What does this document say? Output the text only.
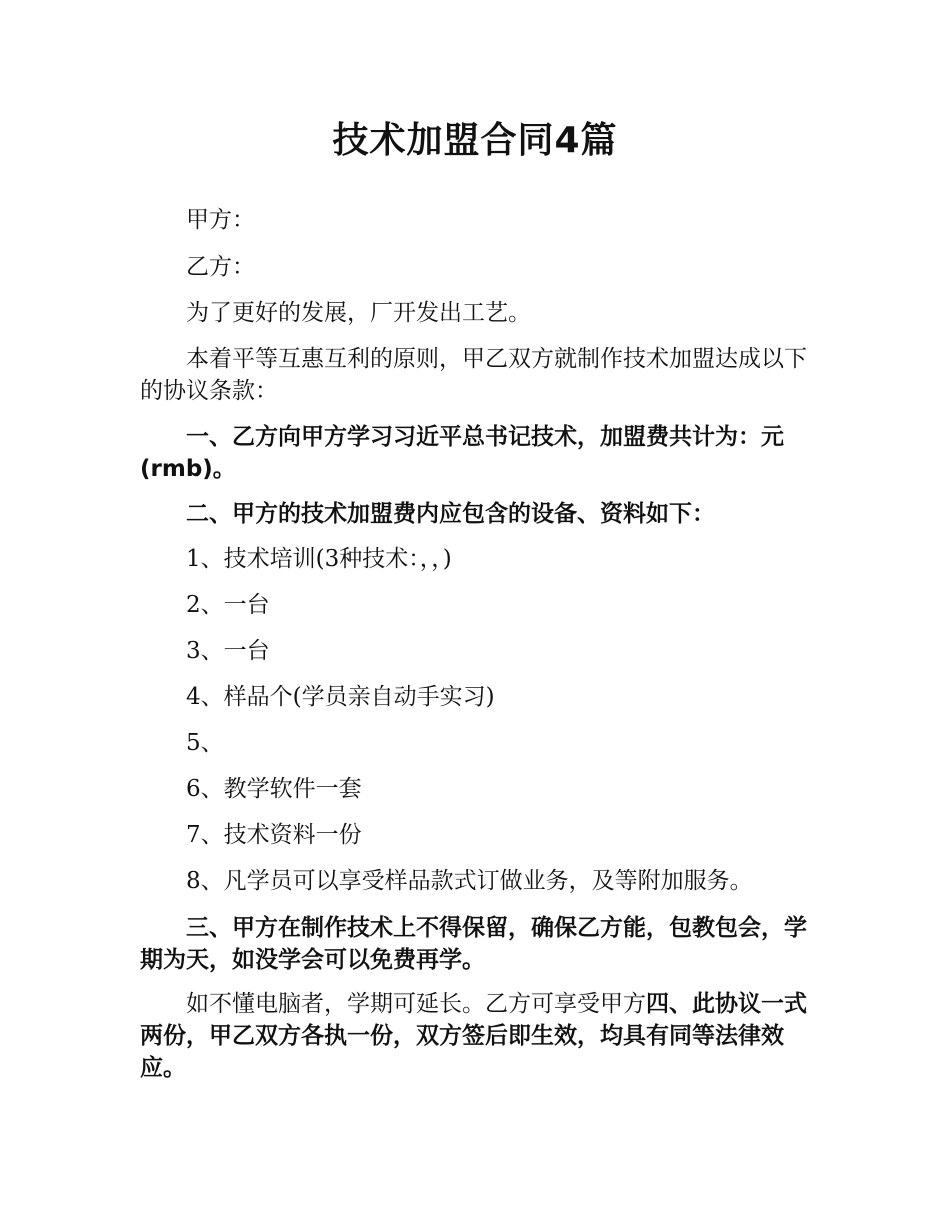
技术加盟合同4篇

甲方：

乙方：

为了更好的发展，厂开发出工艺。

本着平等互惠互利的原则，甲乙双方就制作技术加盟达成以下的协议条款：

一、乙方向甲方学习习近平总书记技术，加盟费共计为：元(rmb)。

二、甲方的技术加盟费内应包含的设备、资料如下：

1、技术培训(3种技术：，，)

2、一台

3、一台

4、样品个(学员亲自动手实习)

5、

6、教学软件一套

7、技术资料一份

8、凡学员可以享受样品款式订做业务，及等附加服务。

三、甲方在制作技术上不得保留，确保乙方能，包教包会，学期为天，如没学会可以免费再学。

如不懂电脑者，学期可延长。乙方可享受甲方四、此协议一式两份，甲乙双方各执一份，双方签后即生效，均具有同等法律效应。
